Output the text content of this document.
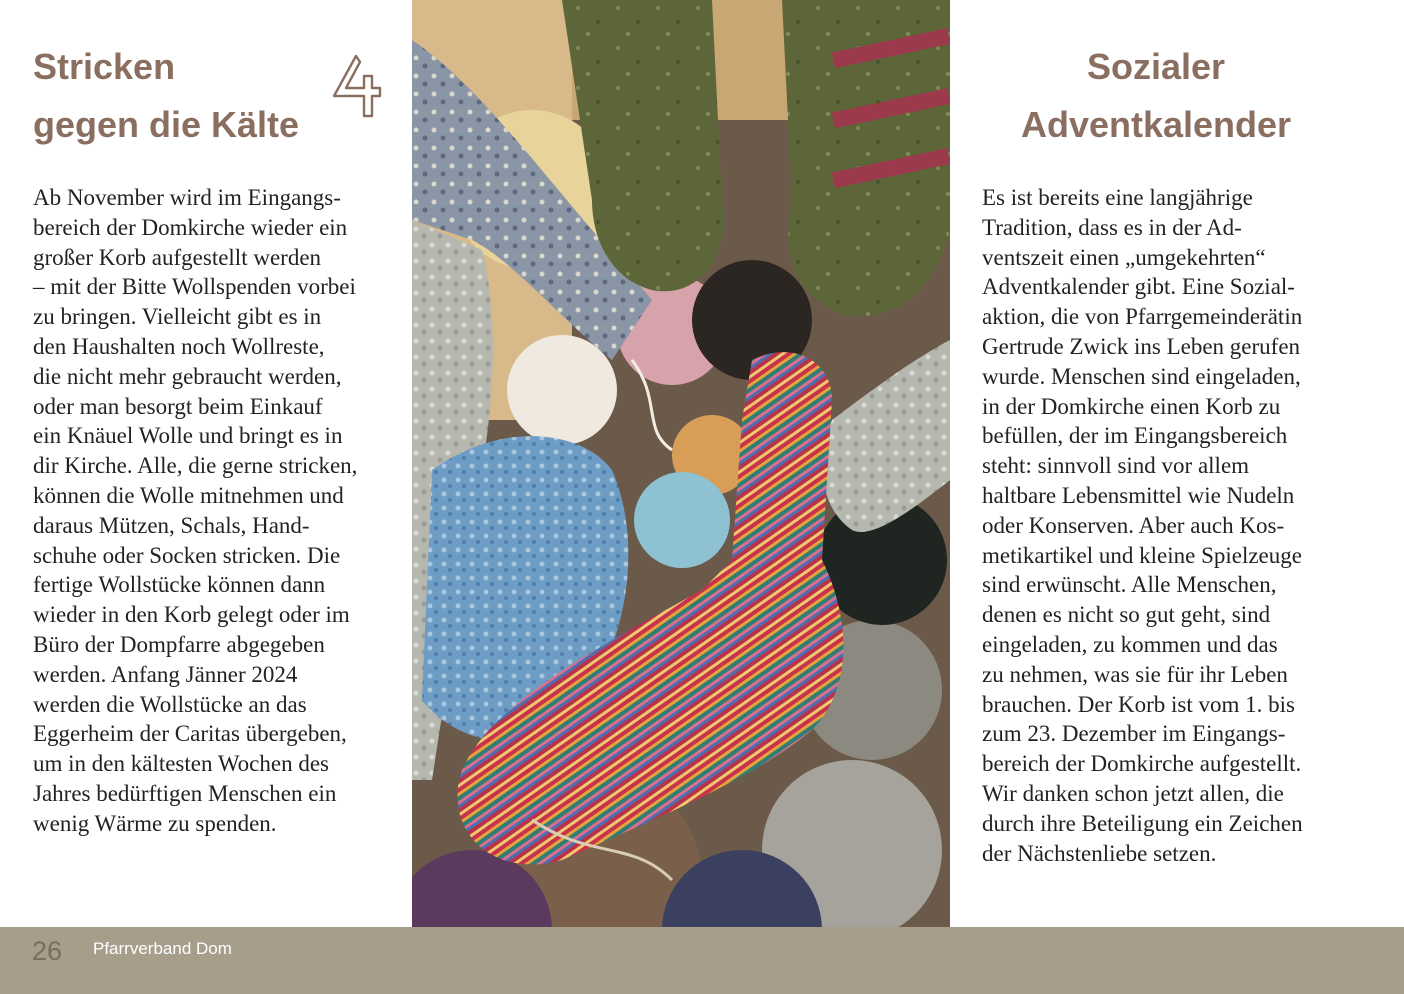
Stricken
gegen die Kälte
Ab November wird im Eingangs-
bereich der Domkirche wieder ein
großer Korb aufgestellt werden
– mit der Bitte Wollspenden vorbei
zu bringen. Vielleicht gibt es in
den Haushalten noch Wollreste,
die nicht mehr gebraucht werden,
oder man besorgt beim Einkauf
ein Knäuel Wolle und bringt es in
dir Kirche. Alle, die gerne stricken,
können die Wolle mitnehmen und
daraus Mützen, Schals, Hand-
schuhe oder Socken stricken. Die
fertige Wollstücke können dann
wieder in den Korb gelegt oder im
Büro der Dompfarre abgegeben
werden. Anfang Jänner 2024
werden die Wollstücke an das
Eggerheim der Caritas übergeben,
um in den kältesten Wochen des
Jahres bedürftigen Menschen ein
wenig Wärme zu spenden.
Sozialer
Adventkalender
Es ist bereits eine langjährige
Tradition, dass es in der Ad-
ventszeit einen „umgekehrten“
Adventkalender gibt. Eine Sozial-
aktion, die von Pfarrgemeinderätin
Gertrude Zwick ins Leben gerufen
wurde. Menschen sind eingeladen,
in der Domkirche einen Korb zu
befüllen, der im Eingangsbereich
steht: sinnvoll sind vor allem
haltbare Lebensmittel wie Nudeln
oder Konserven. Aber auch Kos-
metikartikel und kleine Spielzeuge
sind erwünscht. Alle Menschen,
denen es nicht so gut geht, sind
eingeladen, zu kommen und das
zu nehmen, was sie für ihr Leben
brauchen. Der Korb ist vom 1. bis
zum 23. Dezember im Eingangs-
bereich der Domkirche aufgestellt.
Wir danken schon jetzt allen, die
durch ihre Beteiligung ein Zeichen
der Nächstenliebe setzen.
26 Pfarrverband Dom
